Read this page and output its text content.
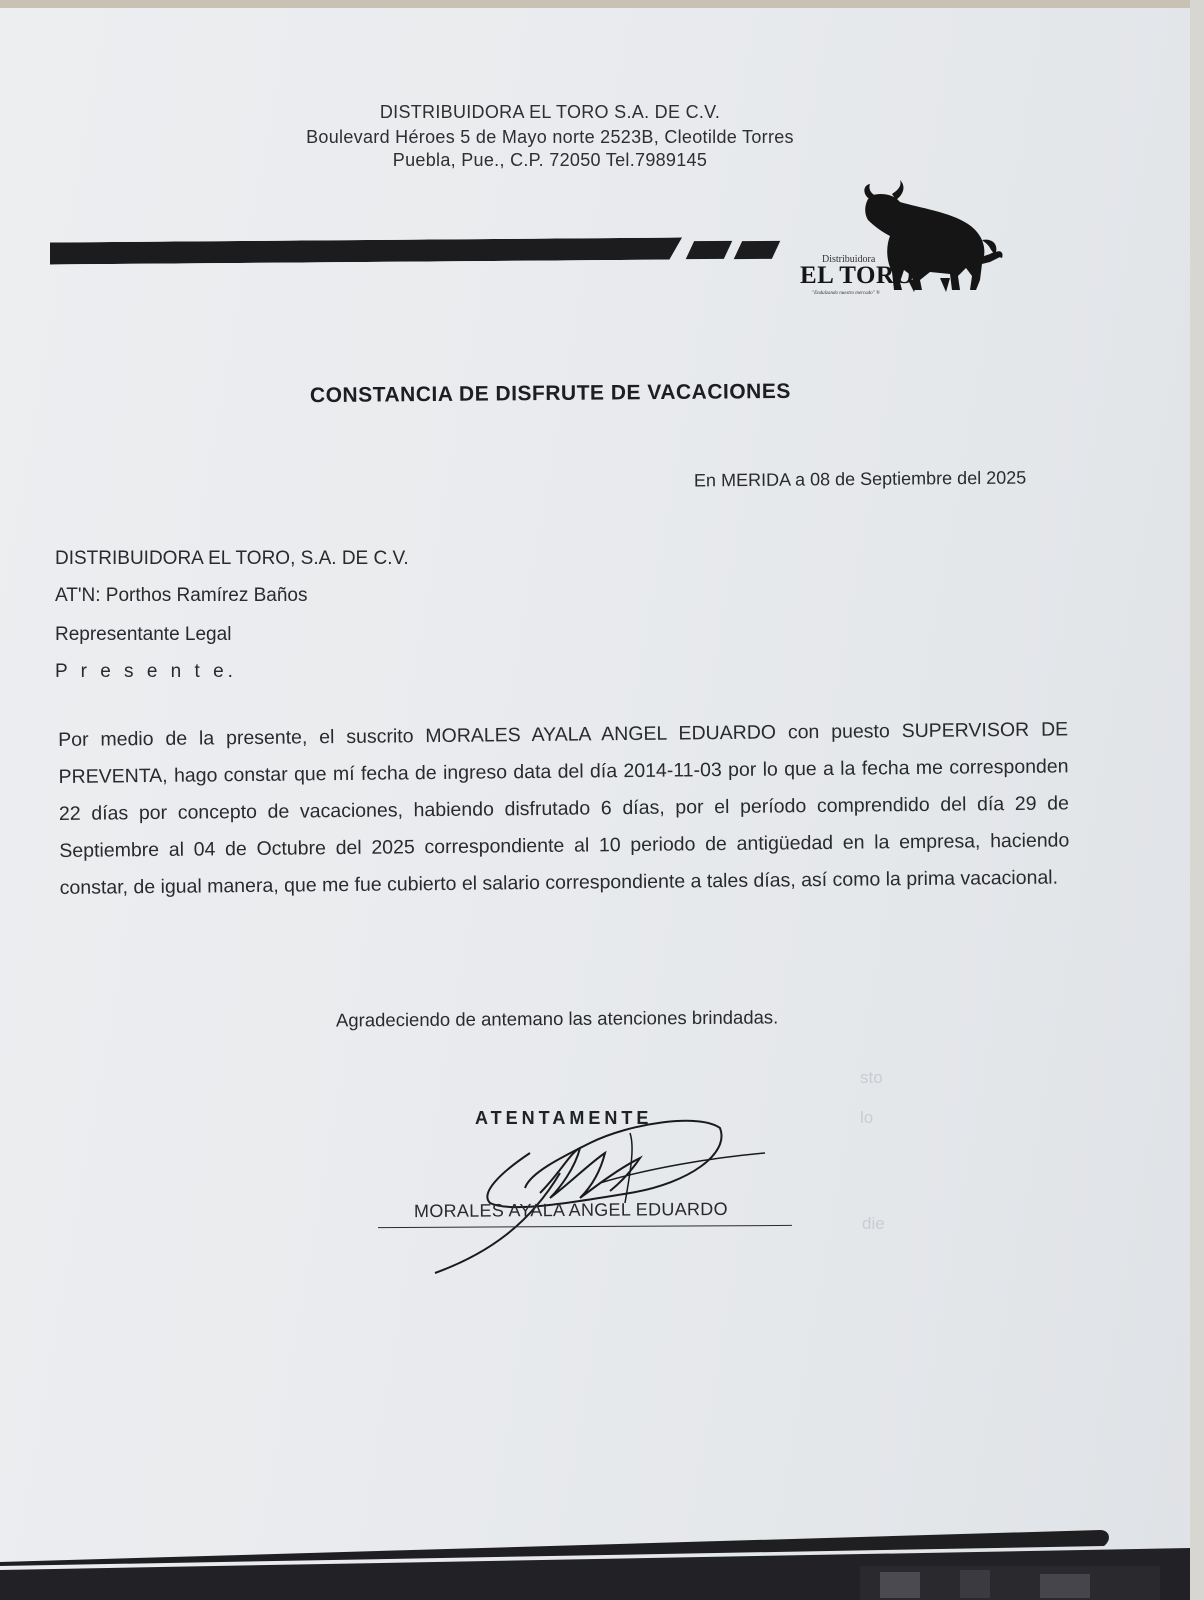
DISTRIBUIDORA EL TORO S.A. DE C.V.
Boulevard Héroes 5 de Mayo norte 2523B, Cleotilde Torres
Puebla, Pue., C.P. 72050 Tel.7989145
Distribuidora
EL TORO
"Endulzando nuestro mercado" ®
CONSTANCIA DE DISFRUTE DE VACACIONES
En MERIDA a 08 de Septiembre del 2025
DISTRIBUIDORA EL TORO, S.A. DE C.V.
AT'N: Porthos Ramírez Baños
Representante Legal
P r e s e n t e.
Por medio de la presente, el suscrito MORALES AYALA ANGEL EDUARDO con puesto SUPERVISOR DE PREVENTA, hago constar que mí fecha de ingreso data del día 2014-11-03 por lo que a la fecha me corresponden 22 días por concepto de vacaciones, habiendo disfrutado 6 días, por el período comprendido del día 29 de Septiembre al 04 de Octubre del 2025 correspondiente al 10 periodo de antigüedad en la empresa, haciendo constar, de igual manera, que me fue cubierto el salario correspondiente a tales días, así como la prima vacacional.
Agradeciendo de antemano las atenciones brindadas.
ATENTAMENTE
MORALES AYALA ANGEL EDUARDO
sto
lo
die
